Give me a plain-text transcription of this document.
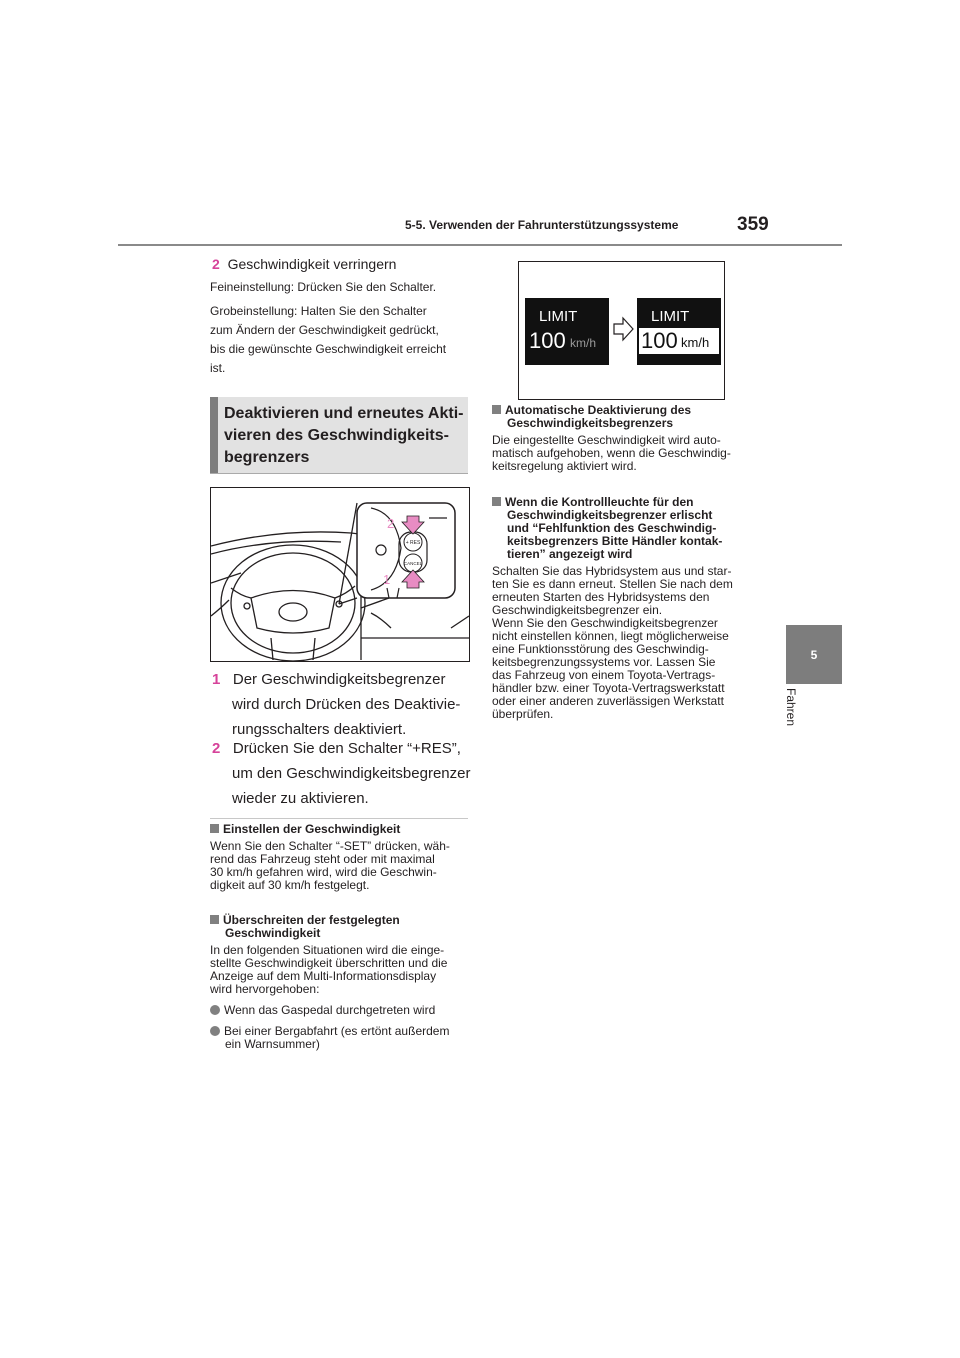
5-5. Verwenden der Fahrunterstützungssysteme	359
5
Fahren
2 Geschwindigkeit verringern
Feineinstellung: Drücken Sie den Schalter.
Grobeinstellung: Halten Sie den Schalter
zum Ändern der Geschwindigkeit gedrückt,
bis die gewünschte Geschwindigkeit erreicht
ist.
Deaktivieren und erneutes Akti-
vieren des Geschwindigkeits-
begrenzers
+ RES
CANCEL
2
1
1 Der Geschwindigkeitsbegrenzer
wird durch Drücken des Deaktivie-
rungsschalters deaktiviert.
2 Drücken Sie den Schalter “+RES”,
um den Geschwindigkeitsbegrenzer
wieder zu aktivieren.
Einstellen der Geschwindigkeit
Wenn Sie den Schalter “-SET” drücken, wäh-
rend das Fahrzeug steht oder mit maximal
30 km/h gefahren wird, wird die Geschwin-
digkeit auf 30 km/h festgelegt.
Überschreiten der festgelegten
Geschwindigkeit
In den folgenden Situationen wird die einge-
stellte Geschwindigkeit überschritten und die
Anzeige auf dem Multi-Informationsdisplay
wird hervorgehoben:
Wenn das Gaspedal durchgetreten wird
Bei einer Bergabfahrt (es ertönt außerdem
ein Warnsummer)
LIMIT
100 km/h
LIMIT
100 km/h
Automatische Deaktivierung des
Geschwindigkeitsbegrenzers
Die eingestellte Geschwindigkeit wird auto-
matisch aufgehoben, wenn die Geschwindig-
keitsregelung aktiviert wird.
Wenn die Kontrollleuchte für den
Geschwindigkeitsbegrenzer erlischt
und “Fehlfunktion des Geschwindig-
keitsbegrenzers Bitte Händler kontak-
tieren” angezeigt wird
Schalten Sie das Hybridsystem aus und star-
ten Sie es dann erneut. Stellen Sie nach dem
erneuten Starten des Hybridsystems den
Geschwindigkeitsbegrenzer ein.
Wenn Sie den Geschwindigkeitsbegrenzer
nicht einstellen können, liegt möglicherweise
eine Funktionsstörung des Geschwindig-
keitsbegrenzungssystems vor. Lassen Sie
das Fahrzeug von einem Toyota-Vertrags-
händler bzw. einer Toyota-Vertragswerkstatt
oder einer anderen zuverlässigen Werkstatt
überprüfen.
